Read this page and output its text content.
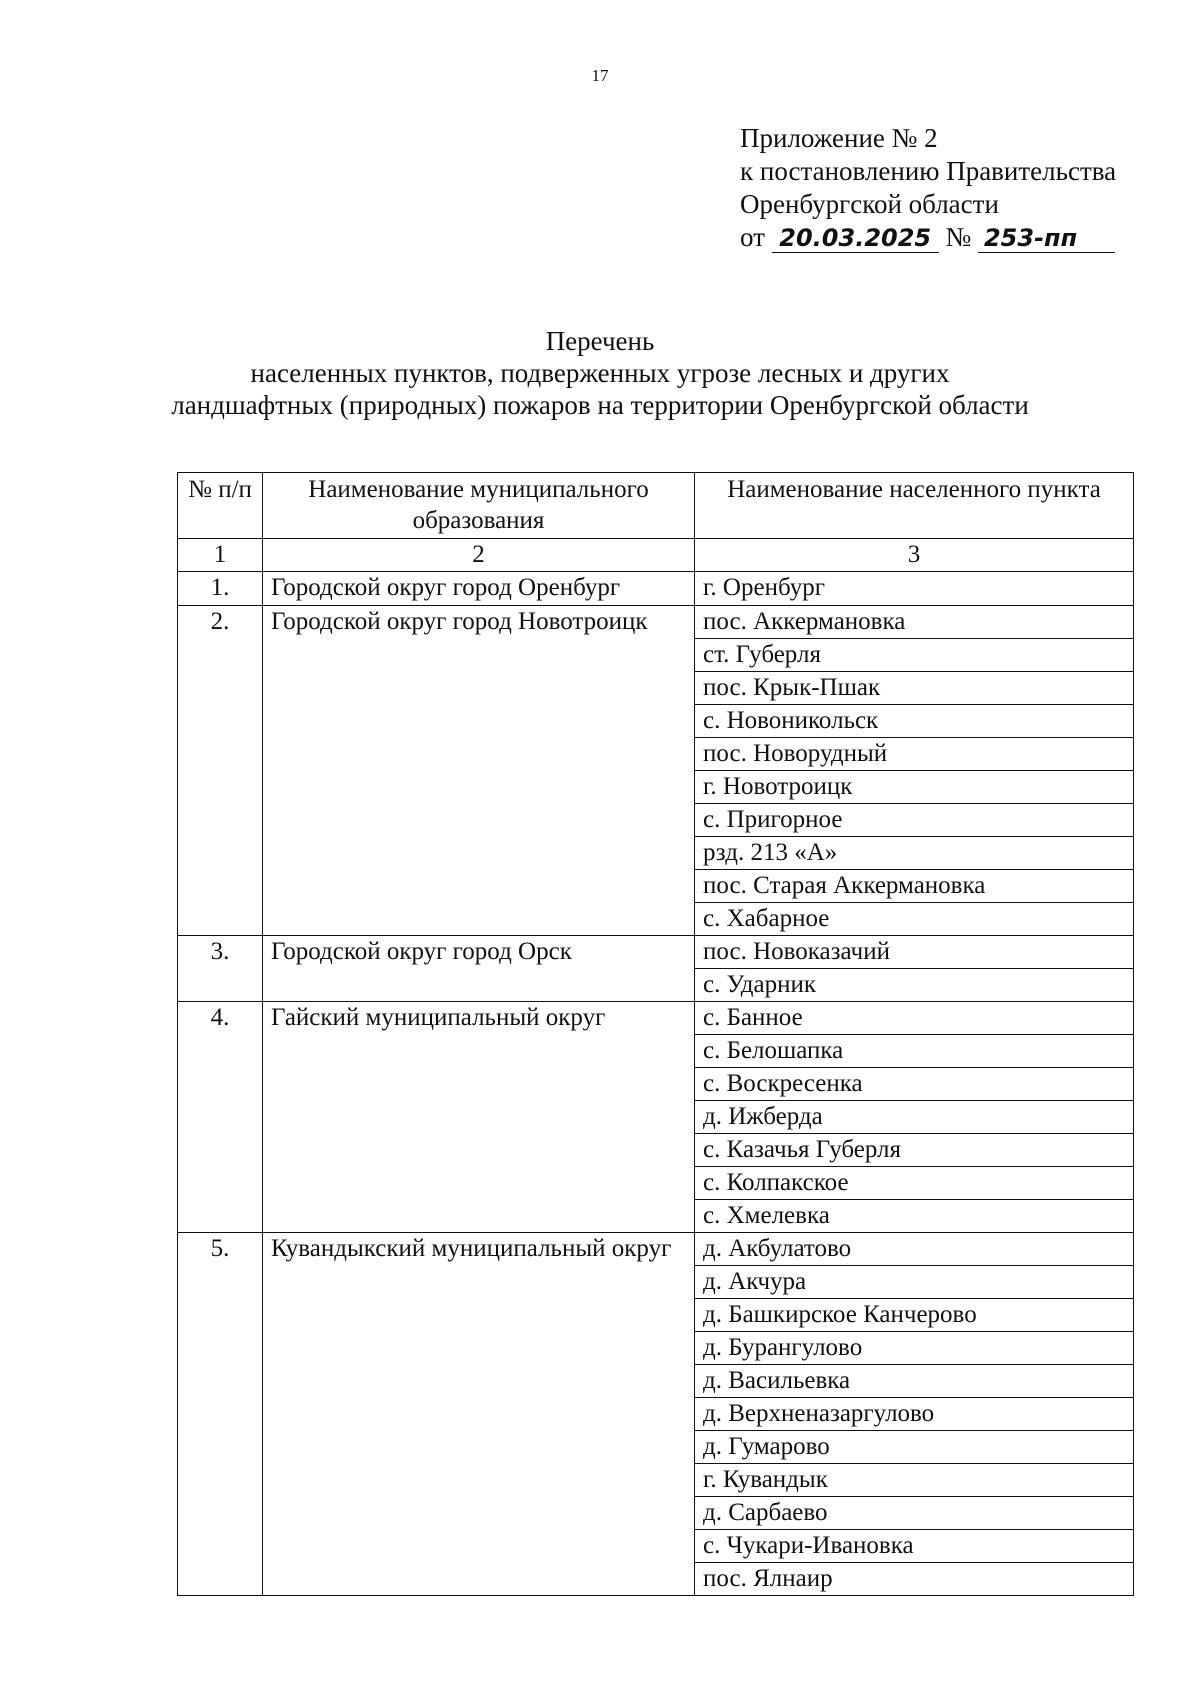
17
Приложение № 2
к постановлению Правительства
Оренбургской области
от 20.03.2025 № 253-пп
Перечень
населенных пунктов, подверженных угрозе лесных и других
ландшафтных (природных) пожаров на территории Оренбургской области
№ п/п	Наименование муниципального образования	Наименование населенного пункта
1	2	3
1.	Городской округ город Оренбург	г. Оренбург
2.	Городской округ город Новотроицк	пос. Аккермановка
		ст. Губерля
		пос. Крык-Пшак
		с. Новоникольск
		пос. Новорудный
		г. Новотроицк
		с. Пригорное
		рзд. 213 «А»
		пос. Старая Аккермановка
		с. Хабарное
3.	Городской округ город Орск	пос. Новоказачий
		с. Ударник
4.	Гайский муниципальный округ	с. Банное
		с. Белошапка
		с. Воскресенка
		д. Ижберда
		с. Казачья Губерля
		с. Колпакское
		с. Хмелевка
5.	Кувандыкский муниципальный округ	д. Акбулатово
		д. Акчура
		д. Башкирское Канчерово
		д. Бурангулово
		д. Васильевка
		д. Верхненазаргулово
		д. Гумарово
		г. Кувандык
		д. Сарбаево
		с. Чукари-Ивановка
		пос. Ялнаир
